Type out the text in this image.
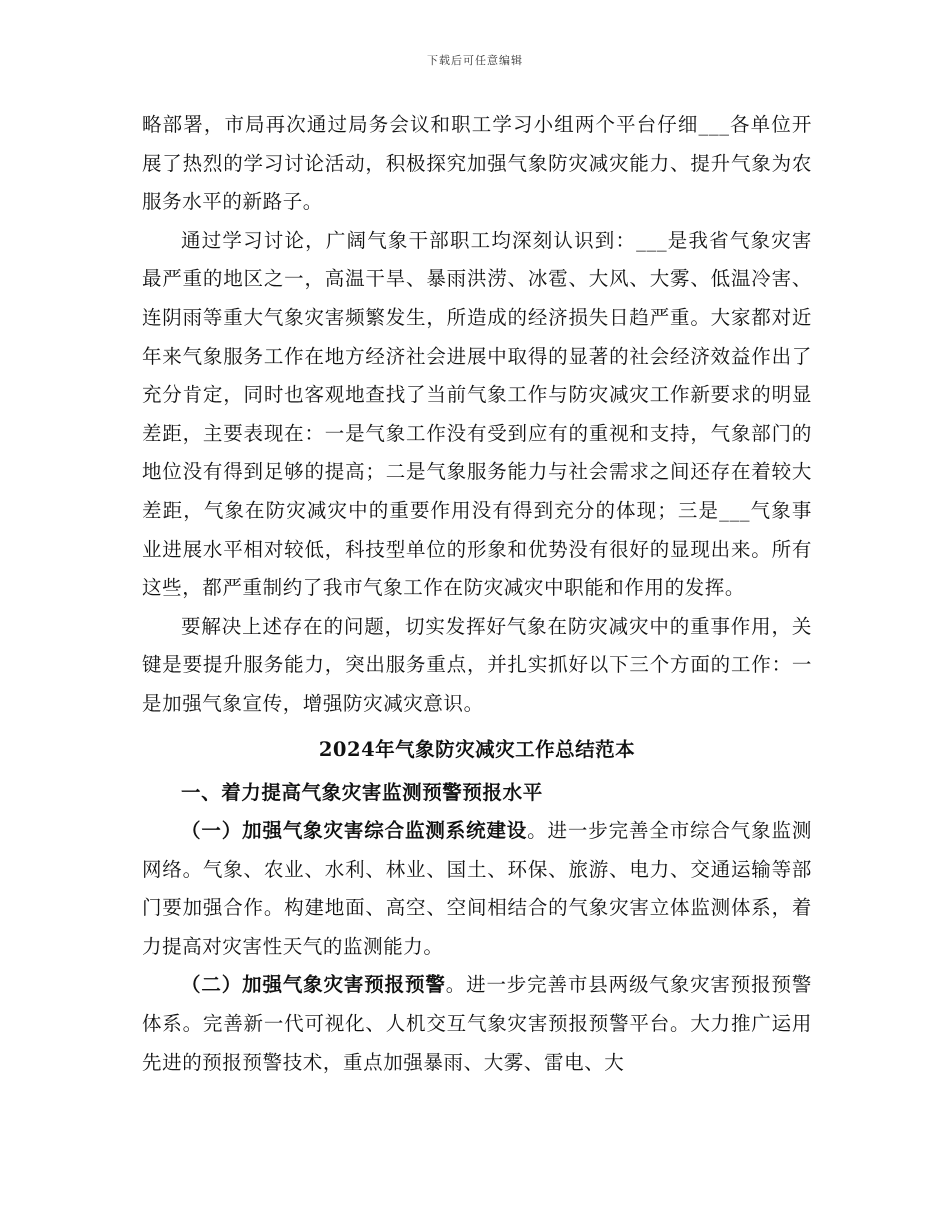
下载后可任意编辑

略部署，市局再次通过局务会议和职工学习小组两个平台仔细___各单位开展了热烈的学习讨论活动，积极探究加强气象防灾减灾能力、提升气象为农服务水平的新路子。

通过学习讨论，广阔气象干部职工均深刻认识到：___是我省气象灾害最严重的地区之一，高温干旱、暴雨洪涝、冰雹、大风、大雾、低温冷害、连阴雨等重大气象灾害频繁发生，所造成的经济损失日趋严重。大家都对近年来气象服务工作在地方经济社会进展中取得的显著的社会经济效益作出了充分肯定，同时也客观地查找了当前气象工作与防灾减灾工作新要求的明显差距，主要表现在：一是气象工作没有受到应有的重视和支持，气象部门的地位没有得到足够的提高；二是气象服务能力与社会需求之间还存在着较大差距，气象在防灾减灾中的重要作用没有得到充分的体现；三是___气象事业进展水平相对较低，科技型单位的形象和优势没有很好的显现出来。所有这些，都严重制约了我市气象工作在防灾减灾中职能和作用的发挥。

要解决上述存在的问题，切实发挥好气象在防灾减灾中的重事作用，关键是要提升服务能力，突出服务重点，并扎实抓好以下三个方面的工作：一是加强气象宣传，增强防灾减灾意识。

2024年气象防灾减灾工作总结范本

一、着力提高气象灾害监测预警预报水平

（一）加强气象灾害综合监测系统建设。进一步完善全市综合气象监测网络。气象、农业、水利、林业、国土、环保、旅游、电力、交通运输等部门要加强合作。构建地面、高空、空间相结合的气象灾害立体监测体系，着力提高对灾害性天气的监测能力。

（二）加强气象灾害预报预警。进一步完善市县两级气象灾害预报预警体系。完善新一代可视化、人机交互气象灾害预报预警平台。大力推广运用先进的预报预警技术，重点加强暴雨、大雾、雷电、大
